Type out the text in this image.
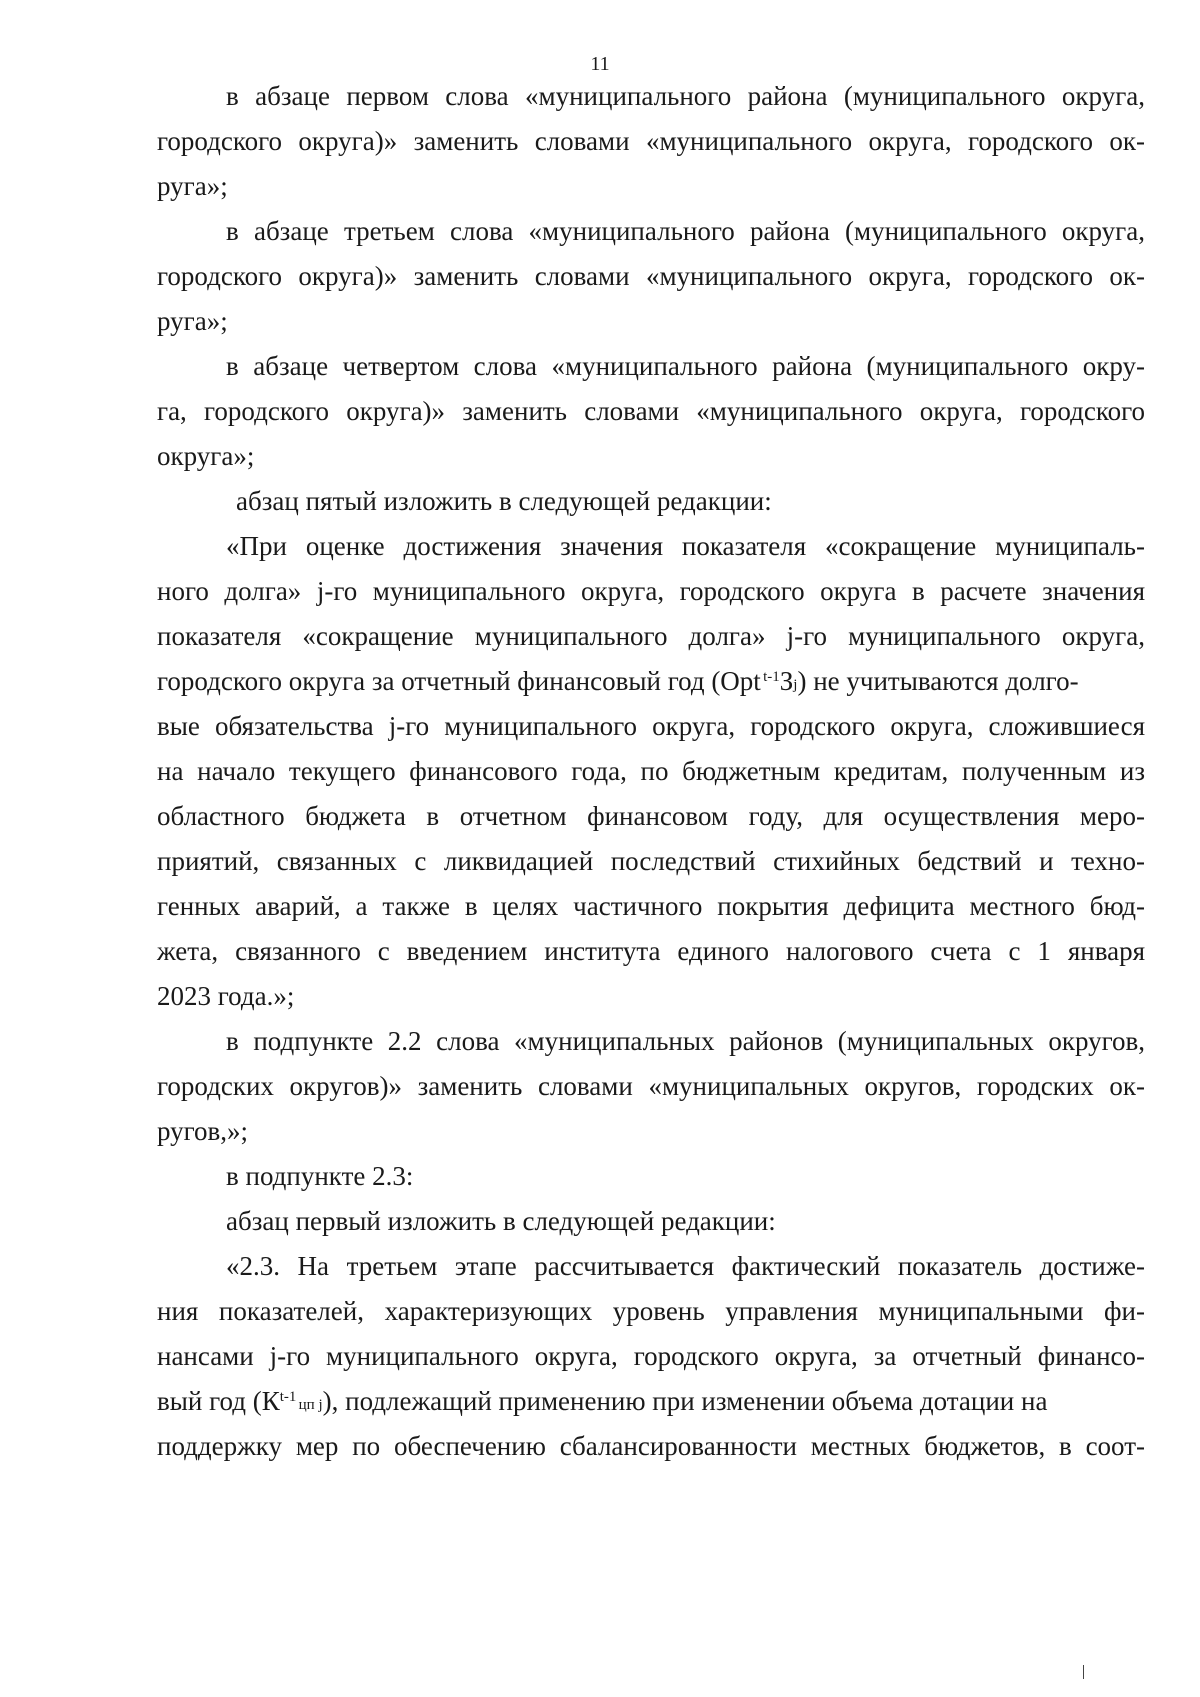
11

в абзаце первом слова «муниципального района (муниципального округа,

городского округа)» заменить словами «муниципального округа, городского ок-

руга»;

в абзаце третьем слова «муниципального района (муниципального округа,

городского округа)» заменить словами «муниципального округа, городского ок-

руга»;

в абзаце четвертом слова «муниципального района (муниципального окру-

га, городского округа)» заменить словами «муниципального округа, городского

округа»;

абзац пятый изложить в следующей редакции:

«При оценке достижения значения показателя «сокращение муниципаль-

ного долга» j-го муниципального округа, городского округа в расчете значения

показателя «сокращение муниципального долга» j-го муниципального округа,

городского округа за отчетный финансовый год (Opt  $^{t-1}З_j$) не учитываются долго-

вые обязательства j-го муниципального округа, городского округа, сложившиеся

на начало текущего финансового года, по бюджетным кредитам, полученным из

областного бюджета в отчетном финансовом году, для осуществления меро-

приятий, связанных с ликвидацией последствий стихийных бедствий и техно-

генных аварий, а также в целях частичного покрытия дефицита местного бюд-

жета, связанного с введением института единого налогового счета с 1 января

2023 года.»;

в подпункте 2.2 слова «муниципальных районов (муниципальных округов,

городских округов)» заменить словами «муниципальных округов, городских ок-

ругов,»;

в подпункте 2.3:

абзац первый изложить в следующей редакции:

«2.3. На третьем этапе рассчитывается фактический показатель достиже-

ния показателей, характеризующих уровень управления муниципальными фи-

нансами j-го муниципального округа, городского округа, за отчетный финансо-

вый год ($К^{t-1}$  $_{цп j}$), подлежащий применению при изменении объема дотации на

поддержку мер по обеспечению сбалансированности местных бюджетов, в соот-
